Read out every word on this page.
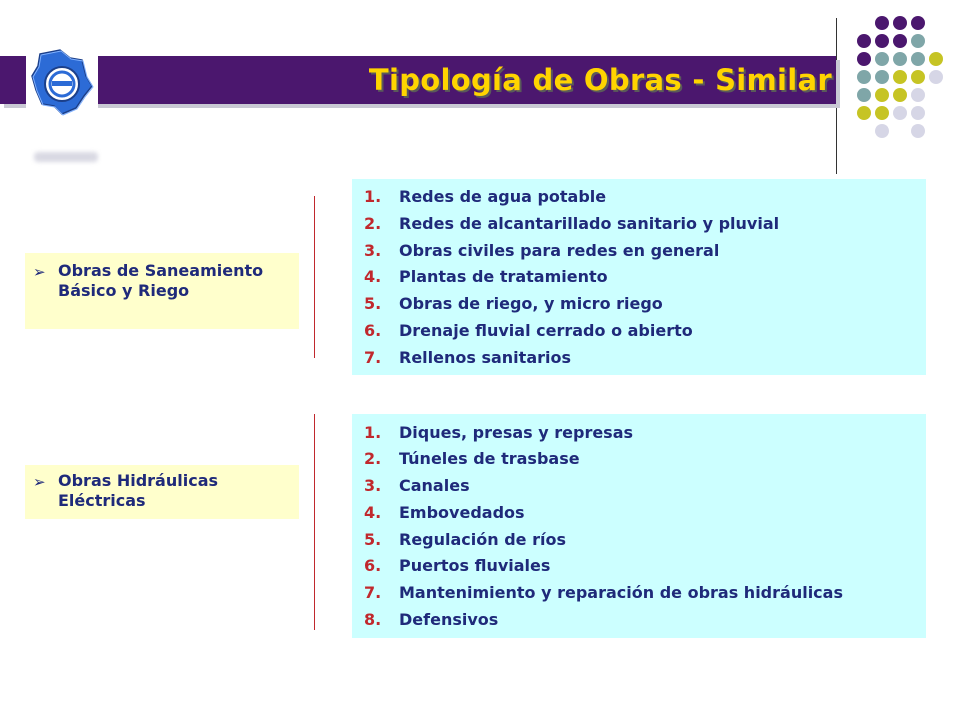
Tipología de Obras - Similar
➢ Obras de Saneamiento Básico y Riego
1.	Redes de agua potable
2.	Redes de alcantarillado sanitario y pluvial
3.	Obras civiles para redes en general
4.	Plantas de tratamiento
5.	Obras de riego, y micro riego
6.	Drenaje fluvial cerrado o abierto
7.	Rellenos sanitarios
➢ Obras Hidráulicas Eléctricas
1.	Diques, presas y represas
2.	Túneles de trasbase
3.	Canales
4.	Embovedados
5.	Regulación de ríos
6.	Puertos fluviales
7.	Mantenimiento y reparación de obras hidráulicas
8.	Defensivos
